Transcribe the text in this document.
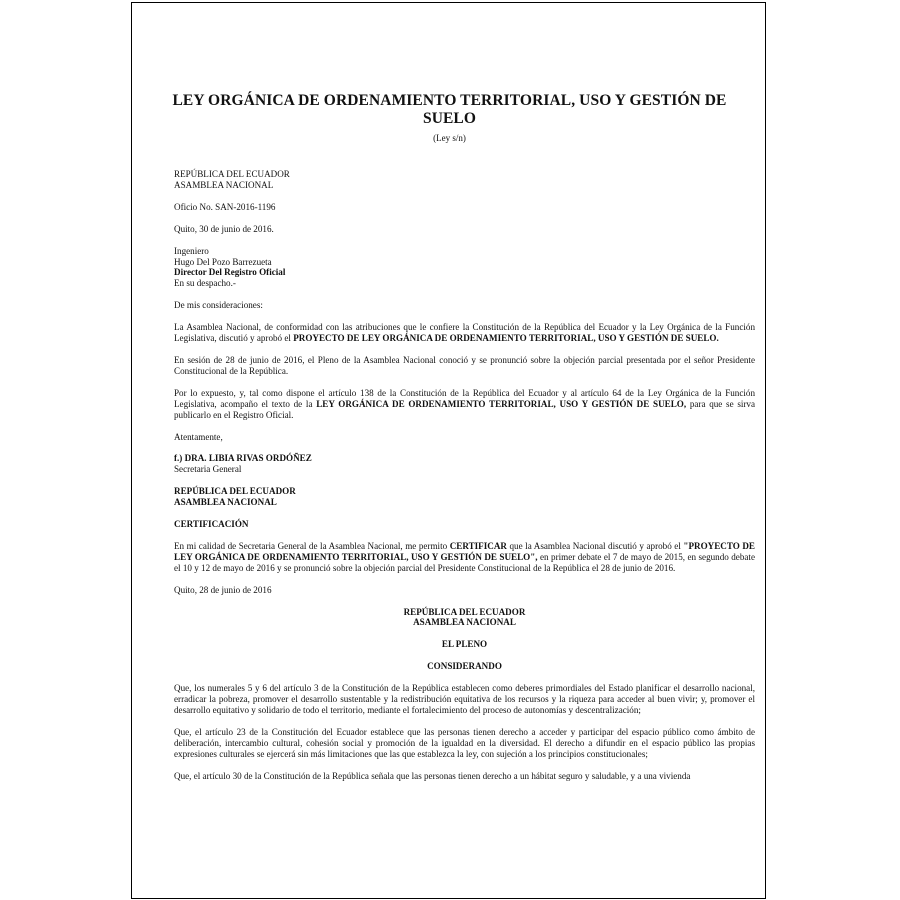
LEY ORGÁNICA DE ORDENAMIENTO TERRITORIAL, USO Y GESTIÓN DE SUELO
(Ley s/n)

REPÚBLICA DEL ECUADOR

ASAMBLEA NACIONAL

Oficio No. SAN-2016-1196

Quito, 30 de junio de 2016.

Ingeniero

Hugo Del Pozo Barrezueta

Director Del Registro Oficial

En su despacho.-

De mis consideraciones:

La Asamblea Nacional, de conformidad con las atribuciones que le confiere la Constitución de la República del Ecuador y la Ley Orgánica de la Función Legislativa, discutió y aprobó el PROYECTO DE LEY ORGÁNICA DE ORDENAMIENTO TERRITORIAL, USO Y GESTIÓN DE SUELO.

En sesión de 28 de junio de 2016, el Pleno de la Asamblea Nacional conoció y se pronunció sobre la objeción parcial presentada por el señor Presidente Constitucional de la República.

Por lo expuesto, y, tal como dispone el artículo 138 de la Constitución de la República del Ecuador y al artículo 64 de la Ley Orgánica de la Función Legislativa, acompaño el texto de la LEY ORGÁNICA DE ORDENAMIENTO TERRITORIAL, USO Y GESTIÓN DE SUELO, para que se sirva publicarlo en el Registro Oficial.

Atentamente,

f.) DRA. LIBIA RIVAS ORDÓÑEZ

Secretaria General

REPÚBLICA DEL ECUADOR

ASAMBLEA NACIONAL

CERTIFICACIÓN

En mi calidad de Secretaria General de la Asamblea Nacional, me permito CERTIFICAR que la Asamblea Nacional discutió y aprobó el "PROYECTO DE LEY ORGÁNICA DE ORDENAMIENTO TERRITORIAL, USO Y GESTIÓN DE SUELO", en primer debate el 7 de mayo de 2015, en segundo debate el 10 y 12 de mayo de 2016 y se pronunció sobre la objeción parcial del Presidente Constitucional de la República el 28 de junio de 2016.

Quito, 28 de junio de 2016

REPÚBLICA DEL ECUADOR

ASAMBLEA NACIONAL

EL PLENO

CONSIDERANDO

Que, los numerales 5 y 6 del artículo 3 de la Constitución de la República establecen como deberes primordiales del Estado planificar el desarrollo nacional, erradicar la pobreza, promover el desarrollo sustentable y la redistribución equitativa de los recursos y la riqueza para acceder al buen vivir; y, promover el desarrollo equitativo y solidario de todo el territorio, mediante el fortalecimiento del proceso de autonomías y descentralización;

Que, el artículo 23 de la Constitución del Ecuador establece que las personas tienen derecho a acceder y participar del espacio público como ámbito de deliberación, intercambio cultural, cohesión social y promoción de la igualdad en la diversidad. El derecho a difundir en el espacio público las propias expresiones culturales se ejercerá sin más limitaciones que las que establezca la ley, con sujeción a los principios constitucionales;

Que, el artículo 30 de la Constitución de la República señala que las personas tienen derecho a un hábitat seguro y saludable, y a una vivienda
